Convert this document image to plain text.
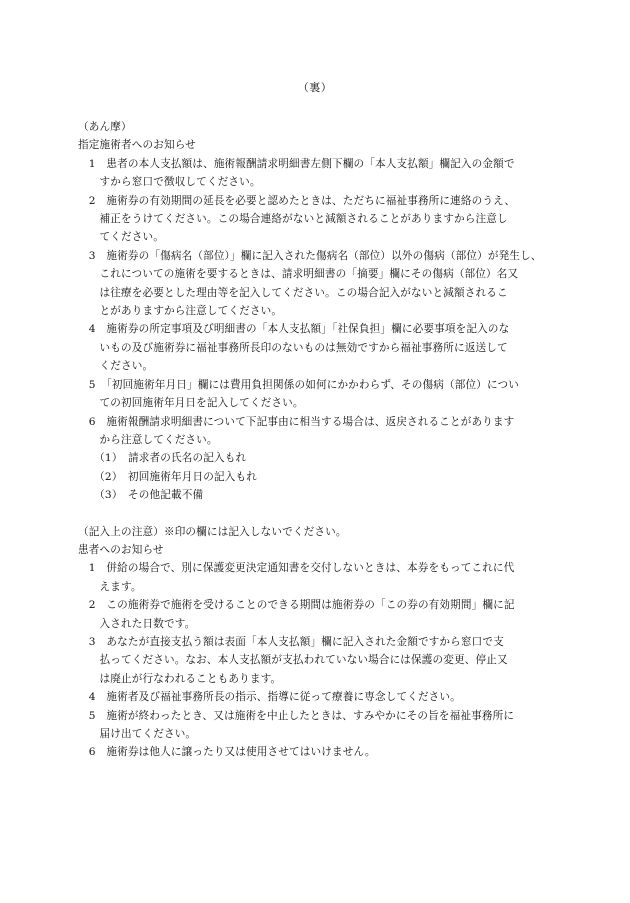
（裏）
（あん摩）
指定施術者へのお知らせ
　1　患者の本人支払額は、施術報酬請求明細書左側下欄の「本人支払額」欄記入の金額で
　　すから窓口で徴収してください。
　2　施術券の有効期間の延長を必要と認めたときは、ただちに福祉事務所に連絡のうえ、
　　補正をうけてください。この場合連絡がないと減額されることがありますから注意し
　　てください。
　3　施術券の「傷病名（部位）」欄に記入された傷病名（部位）以外の傷病（部位）が発生し、
　　これについての施術を要するときは、請求明細書の「摘要」欄にその傷病（部位）名又
　　は往療を必要とした理由等を記入してください。この場合記入がないと減額されるこ
　　とがありますから注意してください。
　4　施術券の所定事項及び明細書の「本人支払額」「社保負担」欄に必要事項を記入のな
　　いもの及び施術券に福祉事務所長印のないものは無効ですから福祉事務所に返送して
　　ください。
　5　「初回施術年月日」欄には費用負担関係の如何にかかわらず、その傷病（部位）につい
　　ての初回施術年月日を記入してください。
　6　施術報酬請求明細書について下記事由に相当する場合は、返戻されることがあります
　　から注意してください。
　　（1）　請求者の氏名の記入もれ
　　（2）　初回施術年月日の記入もれ
　　（3）　その他記載不備
（記入上の注意）※印の欄には記入しないでください。
患者へのお知らせ
　1　併給の場合で、別に保護変更決定通知書を交付しないときは、本券をもってこれに代
　　えます。
　2　この施術券で施術を受けることのできる期間は施術券の「この券の有効期間」欄に記
　　入された日数です。
　3　あなたが直接支払う額は表面「本人支払額」欄に記入された金額ですから窓口で支
　　払ってください。なお、本人支払額が支払われていない場合には保護の変更、停止又
　　は廃止が行なわれることもあります。
　4　施術者及び福祉事務所長の指示、指導に従って療養に専念してください。
　5　施術が終わったとき、又は施術を中止したときは、すみやかにその旨を福祉事務所に
　　届け出てください。
　6　施術券は他人に譲ったり又は使用させてはいけません。
